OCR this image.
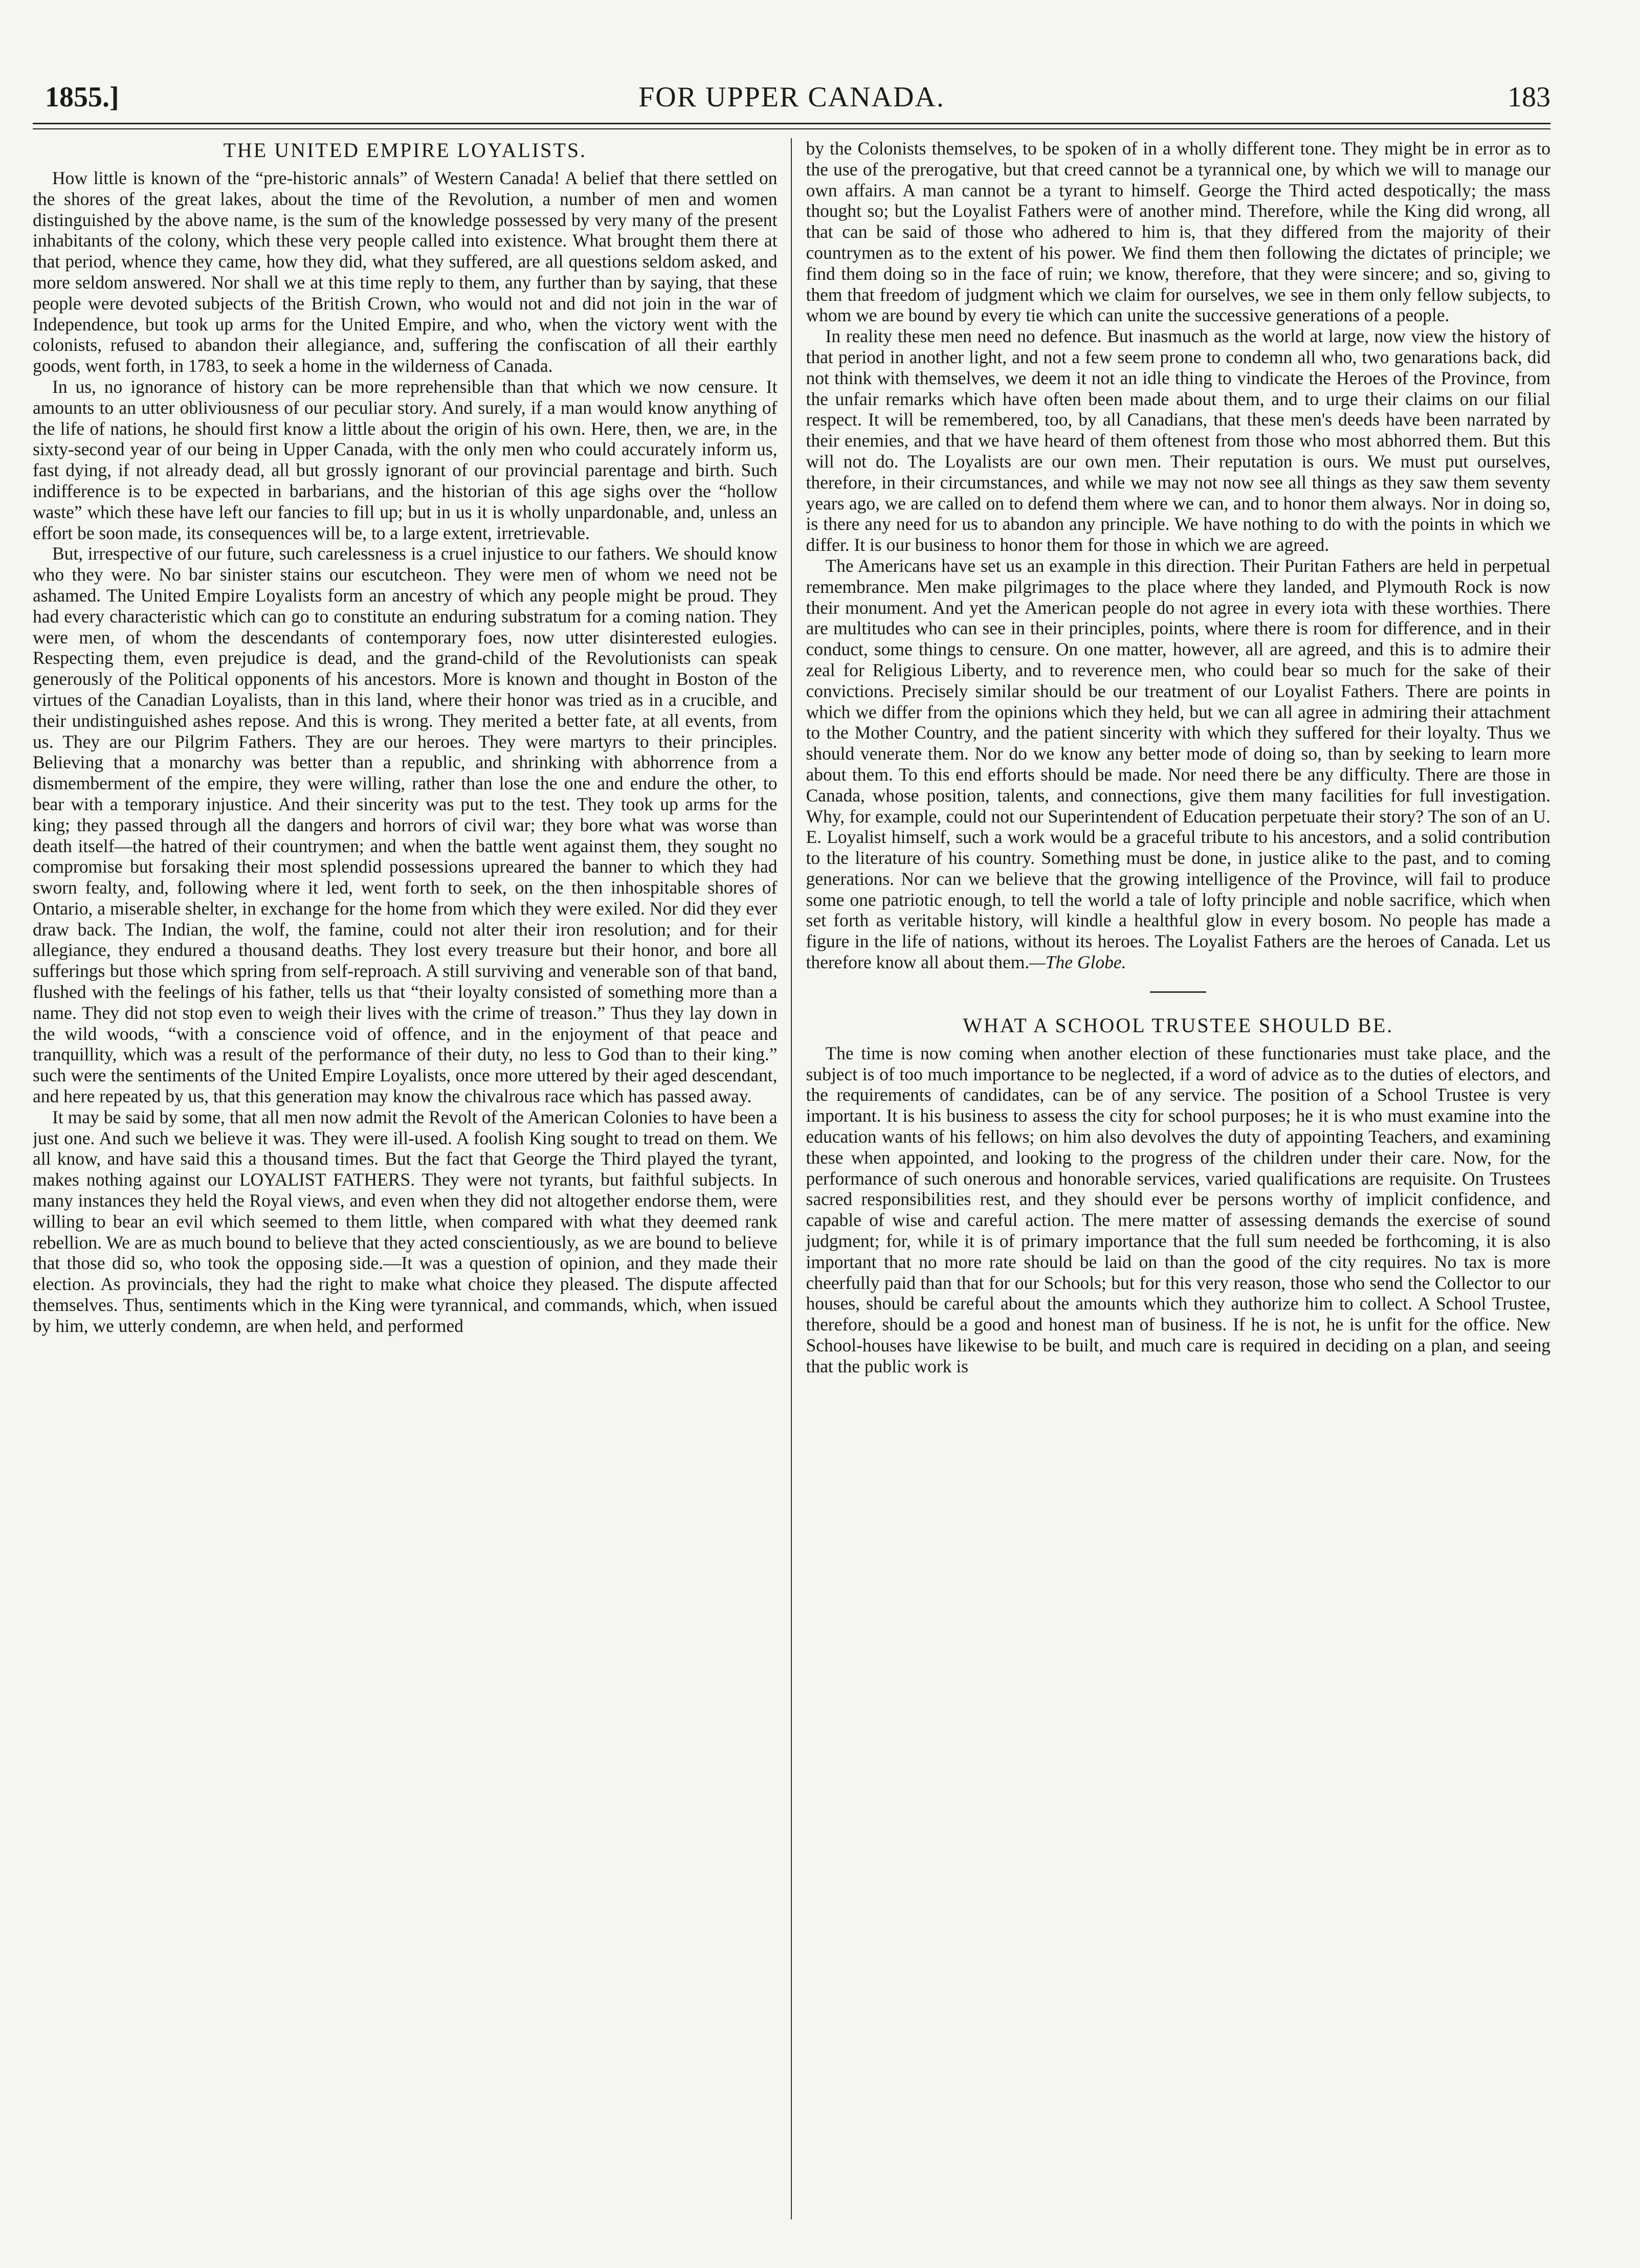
1855.]	FOR UPPER CANADA.	183
THE UNITED EMPIRE LOYALISTS.

How little is known of the “pre-historic annals” of Western Canada! A belief that there settled on the shores of the great lakes, about the time of the Revolution, a number of men and women distinguished by the above name, is the sum of the knowledge possessed by very many of the present inhabitants of the colony, which these very people called into existence. What brought them there at that period, whence they came, how they did, what they suffered, are all questions seldom asked, and more seldom answered. Nor shall we at this time reply to them, any further than by saying, that these people were devoted subjects of the British Crown, who would not and did not join in the war of Independence, but took up arms for the United Empire, and who, when the victory went with the colonists, refused to abandon their allegiance, and, suffering the confiscation of all their earthly goods, went forth, in 1783, to seek a home in the wilderness of Canada.

In us, no ignorance of history can be more reprehensible than that which we now censure. It amounts to an utter obliviousness of our peculiar story. And surely, if a man would know anything of the life of nations, he should first know a little about the origin of his own. Here, then, we are, in the sixty-second year of our being in Upper Canada, with the only men who could accurately inform us, fast dying, if not already dead, all but grossly ignorant of our provincial parentage and birth. Such indifference is to be expected in barbarians, and the historian of this age sighs over the “hollow waste” which these have left our fancies to fill up; but in us it is wholly unpardonable, and, unless an effort be soon made, its consequences will be, to a large extent, irretrievable.

But, irrespective of our future, such carelessness is a cruel injustice to our fathers. We should know who they were. No bar sinister stains our escutcheon. They were men of whom we need not be ashamed. The United Empire Loyalists form an ancestry of which any people might be proud. They had every characteristic which can go to constitute an enduring substratum for a coming nation. They were men, of whom the descendants of contemporary foes, now utter disinterested eulogies. Respecting them, even prejudice is dead, and the grand-child of the Revolutionists can speak generously of the Political opponents of his ancestors. More is known and thought in Boston of the virtues of the Canadian Loyalists, than in this land, where their honor was tried as in a crucible, and their undistinguished ashes repose. And this is wrong. They merited a better fate, at all events, from us. They are our Pilgrim Fathers. They are our heroes. They were martyrs to their principles. Believing that a monarchy was better than a republic, and shrinking with abhorrence from a dismemberment of the empire, they were willing, rather than lose the one and endure the other, to bear with a temporary injustice. And their sincerity was put to the test. They took up arms for the king; they passed through all the dangers and horrors of civil war; they bore what was worse than death itself—the hatred of their countrymen; and when the battle went against them, they sought no compromise but forsaking their most splendid possessions upreared the banner to which they had sworn fealty, and, following where it led, went forth to seek, on the then inhospitable shores of Ontario, a miserable shelter, in exchange for the home from which they were exiled. Nor did they ever draw back. The Indian, the wolf, the famine, could not alter their iron resolution; and for their allegiance, they endured a thousand deaths. They lost every treasure but their honor, and bore all sufferings but those which spring from self-reproach. A still surviving and venerable son of that band, flushed with the feelings of his father, tells us that “their loyalty consisted of something more than a name. They did not stop even to weigh their lives with the crime of treason.” Thus they lay down in the wild woods, “with a conscience void of offence, and in the enjoyment of that peace and tranquillity, which was a result of the performance of their duty, no less to God than to their king.” such were the sentiments of the United Empire Loyalists, once more uttered by their aged descendant, and here repeated by us, that this generation may know the chivalrous race which has passed away.

It may be said by some, that all men now admit the Revolt of the American Colonies to have been a just one. And such we believe it was. They were ill-used. A foolish King sought to tread on them. We all know, and have said this a thousand times. But the fact that George the Third played the tyrant, makes nothing against our LOYALIST FATHERS. They were not tyrants, but faithful subjects. In many instances they held the Royal views, and even when they did not altogether endorse them, were willing to bear an evil which seemed to them little, when compared with what they deemed rank rebellion. We are as much bound to believe that they acted conscientiously, as we are bound to believe that those did so, who took the opposing side.—It was a question of opinion, and they made their election. As provincials, they had the right to make what choice they pleased. The dispute affected themselves. Thus, sentiments which in the King were tyrannical, and commands, which, when issued by him, we utterly condemn, are when held, and performed

by the Colonists themselves, to be spoken of in a wholly different tone. They might be in error as to the use of the prerogative, but that creed cannot be a tyrannical one, by which we will to manage our own affairs. A man cannot be a tyrant to himself. George the Third acted despotically; the mass thought so; but the Loyalist Fathers were of another mind. Therefore, while the King did wrong, all that can be said of those who adhered to him is, that they differed from the majority of their countrymen as to the extent of his power. We find them then following the dictates of principle; we find them doing so in the face of ruin; we know, therefore, that they were sincere; and so, giving to them that freedom of judgment which we claim for ourselves, we see in them only fellow subjects, to whom we are bound by every tie which can unite the successive generations of a people.

In reality these men need no defence. But inasmuch as the world at large, now view the history of that period in another light, and not a few seem prone to condemn all who, two genarations back, did not think with themselves, we deem it not an idle thing to vindicate the Heroes of the Province, from the unfair remarks which have often been made about them, and to urge their claims on our filial respect. It will be remembered, too, by all Canadians, that these men's deeds have been narrated by their enemies, and that we have heard of them oftenest from those who most abhorred them. But this will not do. The Loyalists are our own men. Their reputation is ours. We must put ourselves, therefore, in their circumstances, and while we may not now see all things as they saw them seventy years ago, we are called on to defend them where we can, and to honor them always. Nor in doing so, is there any need for us to abandon any principle. We have nothing to do with the points in which we differ. It is our business to honor them for those in which we are agreed.

The Americans have set us an example in this direction. Their Puritan Fathers are held in perpetual remembrance. Men make pilgrimages to the place where they landed, and Plymouth Rock is now their monument. And yet the American people do not agree in every iota with these worthies. There are multitudes who can see in their principles, points, where there is room for difference, and in their conduct, some things to censure. On one matter, however, all are agreed, and this is to admire their zeal for Religious Liberty, and to reverence men, who could bear so much for the sake of their convictions. Precisely similar should be our treatment of our Loyalist Fathers. There are points in which we differ from the opinions which they held, but we can all agree in admiring their attachment to the Mother Country, and the patient sincerity with which they suffered for their loyalty. Thus we should venerate them. Nor do we know any better mode of doing so, than by seeking to learn more about them. To this end efforts should be made. Nor need there be any difficulty. There are those in Canada, whose position, talents, and connections, give them many facilities for full investigation. Why, for example, could not our Superintendent of Education perpetuate their story? The son of an U. E. Loyalist himself, such a work would be a graceful tribute to his ancestors, and a solid contribution to the literature of his country. Something must be done, in justice alike to the past, and to coming generations. Nor can we believe that the growing intelligence of the Province, will fail to produce some one patriotic enough, to tell the world a tale of lofty principle and noble sacrifice, which when set forth as veritable history, will kindle a healthful glow in every bosom. No people has made a figure in the life of nations, without its heroes. The Loyalist Fathers are the heroes of Canada. Let us therefore know all about them.—The Globe.

WHAT A SCHOOL TRUSTEE SHOULD BE.

The time is now coming when another election of these functionaries must take place, and the subject is of too much importance to be neglected, if a word of advice as to the duties of electors, and the requirements of candidates, can be of any service. The position of a School Trustee is very important. It is his business to assess the city for school purposes; he it is who must examine into the education wants of his fellows; on him also devolves the duty of appointing Teachers, and examining these when appointed, and looking to the progress of the children under their care. Now, for the performance of such onerous and honorable services, varied qualifications are requisite. On Trustees sacred responsibilities rest, and they should ever be persons worthy of implicit confidence, and capable of wise and careful action. The mere matter of assessing demands the exercise of sound judgment; for, while it is of primary importance that the full sum needed be forthcoming, it is also important that no more rate should be laid on than the good of the city requires. No tax is more cheerfully paid than that for our Schools; but for this very reason, those who send the Collector to our houses, should be careful about the amounts which they authorize him to collect. A School Trustee, therefore, should be a good and honest man of business. If he is not, he is unfit for the office. New School-houses have likewise to be built, and much care is required in deciding on a plan, and seeing that the public work is
